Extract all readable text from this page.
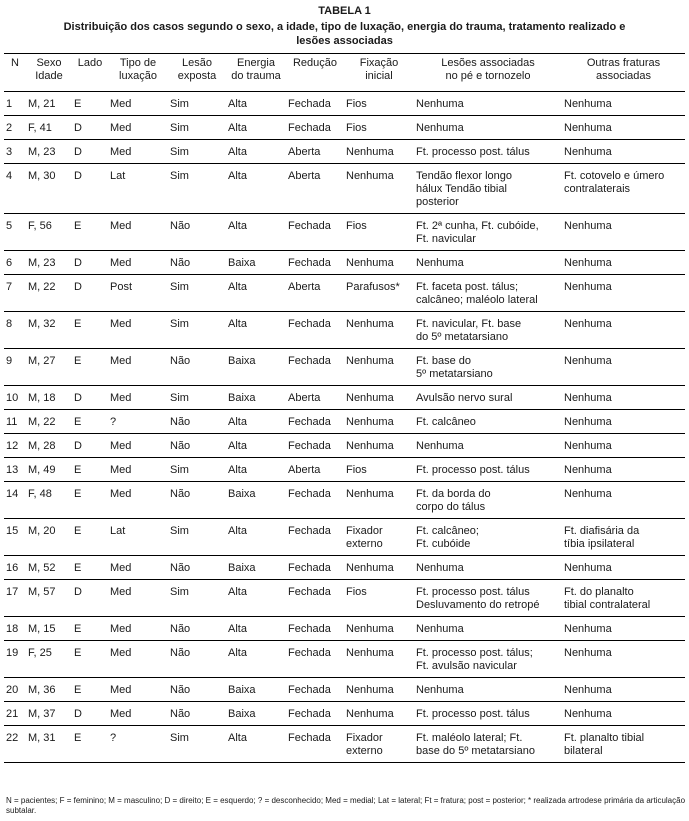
TABELA 1
Distribuição dos casos segundo o sexo, a idade, tipo de luxação, energia do trauma, tratamento realizado e lesões associadas
N	Sexo
Idade	Lado	Tipo de
luxação	Lesão
exposta	Energia
do trauma	Redução	Fixação
inicial	Lesões associadas
no pé e tornozelo	Outras fraturas
associadas
1	M, 21	E	Med	Sim	Alta	Fechada	Fios	Nenhuma	Nenhuma
2	F, 41	D	Med	Sim	Alta	Fechada	Fios	Nenhuma	Nenhuma
3	M, 23	D	Med	Sim	Alta	Aberta	Nenhuma	Ft. processo post. tálus	Nenhuma
4	M, 30	D	Lat	Sim	Alta	Aberta	Nenhuma	Tendão flexor longo
hálux Tendão tibial
posterior	Ft. cotovelo e úmero
contralaterais
5	F, 56	E	Med	Não	Alta	Fechada	Fios	Ft. 2ª cunha, Ft. cubóide,
Ft. navicular	Nenhuma
6	M, 23	D	Med	Não	Baixa	Fechada	Nenhuma	Nenhuma	Nenhuma
7	M, 22	D	Post	Sim	Alta	Aberta	Parafusos*	Ft. faceta post. tálus;
calcâneo; maléolo lateral	Nenhuma
8	M, 32	E	Med	Sim	Alta	Fechada	Nenhuma	Ft. navicular, Ft. base
do 5º metatarsiano	Nenhuma
9	M, 27	E	Med	Não	Baixa	Fechada	Nenhuma	Ft. base do
5º metatarsiano	Nenhuma
10	M, 18	D	Med	Sim	Baixa	Aberta	Nenhuma	Avulsão nervo sural	Nenhuma
11	M, 22	E	?	Não	Alta	Fechada	Nenhuma	Ft. calcâneo	Nenhuma
12	M, 28	D	Med	Não	Alta	Fechada	Nenhuma	Nenhuma	Nenhuma
13	M, 49	E	Med	Sim	Alta	Aberta	Fios	Ft. processo post. tálus	Nenhuma
14	F, 48	E	Med	Não	Baixa	Fechada	Nenhuma	Ft. da borda do
corpo do tálus	Nenhuma
15	M, 20	E	Lat	Sim	Alta	Fechada	Fixador
externo	Ft. calcâneo;
Ft. cubóide	Ft. diafisária da
tíbia ipsilateral
16	M, 52	E	Med	Não	Baixa	Fechada	Nenhuma	Nenhuma	Nenhuma
17	M, 57	D	Med	Sim	Alta	Fechada	Fios	Ft. processo post. tálus
Desluvamento do retropé	Ft. do planalto
tibial contralateral
18	M, 15	E	Med	Não	Alta	Fechada	Nenhuma	Nenhuma	Nenhuma
19	F, 25	E	Med	Não	Alta	Fechada	Nenhuma	Ft. processo post. tálus;
Ft. avulsão navicular	Nenhuma
20	M, 36	E	Med	Não	Baixa	Fechada	Nenhuma	Nenhuma	Nenhuma
21	M, 37	D	Med	Não	Baixa	Fechada	Nenhuma	Ft. processo post. tálus	Nenhuma
22	M, 31	E	?	Sim	Alta	Fechada	Fixador
externo	Ft. maléolo lateral; Ft.
base do 5º metatarsiano	Ft. planalto tibial
bilateral
N = pacientes; F = feminino; M = masculino; D = direito; E = esquerdo; ? = desconhecido; Med = medial; Lat = lateral; Ft = fratura; post = posterior; * realizada artrodese primária da articulação subtalar.
